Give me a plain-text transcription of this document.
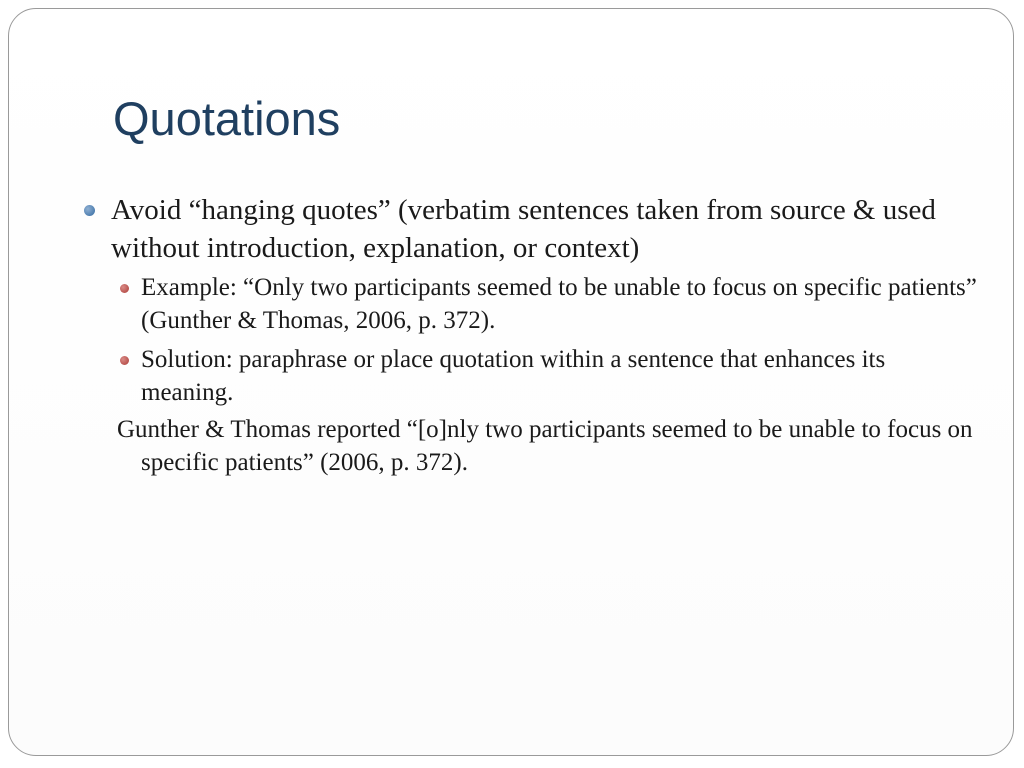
Quotations

Avoid “hanging quotes” (verbatim sentences taken from source & used without introduction, explanation, or context)

Example: “Only two participants seemed to be unable to focus on specific patients” (Gunther & Thomas, 2006, p. 372).

Solution: paraphrase or place quotation within a sentence that enhances its meaning.

Gunther & Thomas reported “[o]nly two participants seemed to be unable to focus on specific patients” (2006, p. 372).
